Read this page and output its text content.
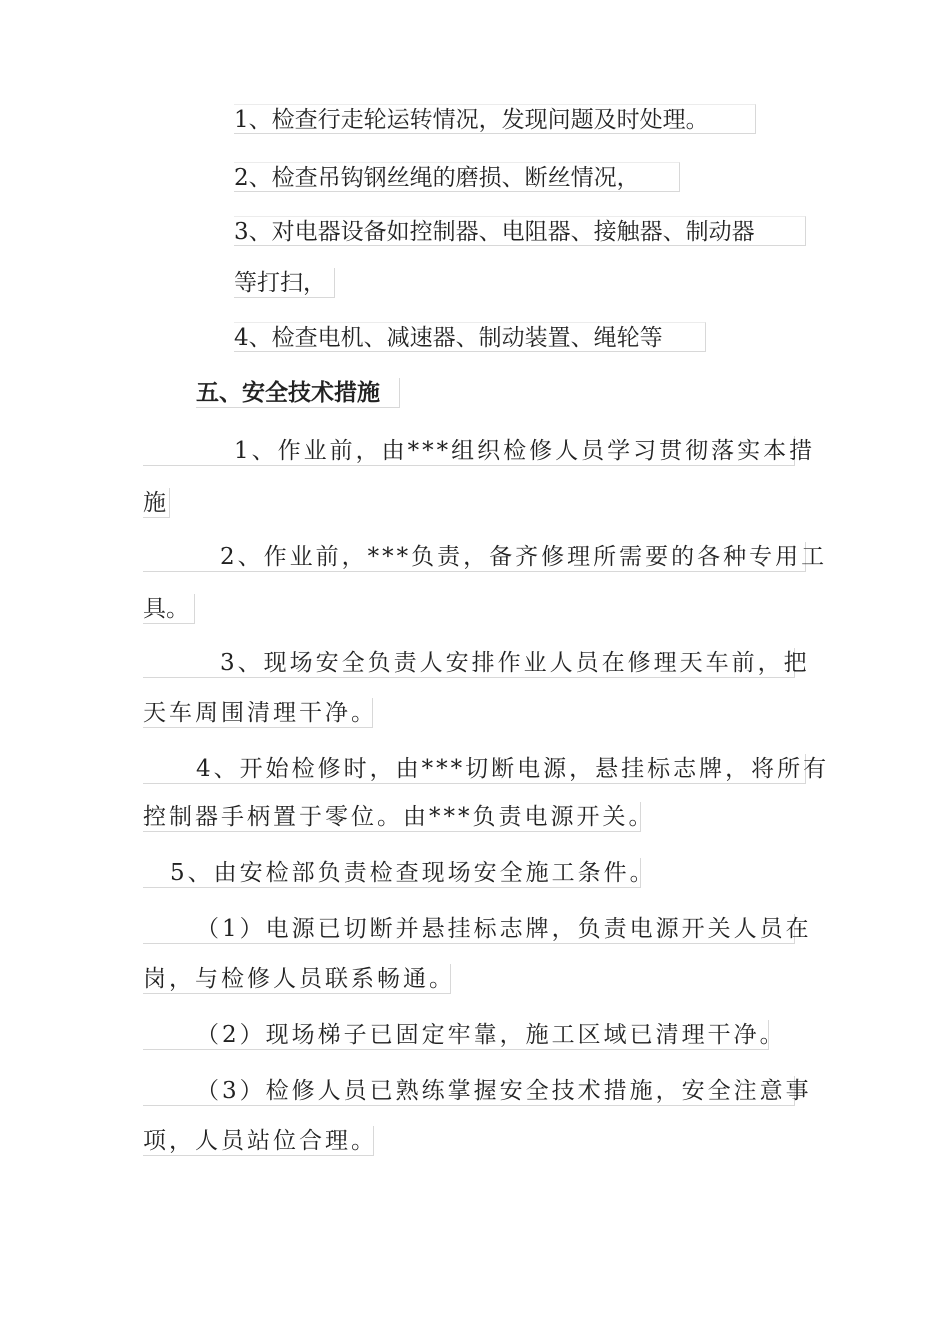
1、检查行走轮运转情况，发现问题及时处理。
2、检查吊钩钢丝绳的磨损、断丝情况，
3、对电器设备如控制器、电阻器、接触器、制动器
等打扫，
4、检查电机、减速器、制动装置、绳轮等
五、安全技术措施
1、作业前，由***组织检修人员学习贯彻落实本措
施
2、作业前，***负责，备齐修理所需要的各种专用工
具。
3、现场安全负责人安排作业人员在修理天车前，把
天车周围清理干净。
4、开始检修时，由***切断电源，悬挂标志牌，将所有
控制器手柄置于零位。由***负责电源开关。
5、由安检部负责检查现场安全施工条件。
（1）电源已切断并悬挂标志牌，负责电源开关人员在
岗，与检修人员联系畅通。
（2）现场梯子已固定牢靠，施工区域已清理干净。
（3）检修人员已熟练掌握安全技术措施，安全注意事
项，人员站位合理。
